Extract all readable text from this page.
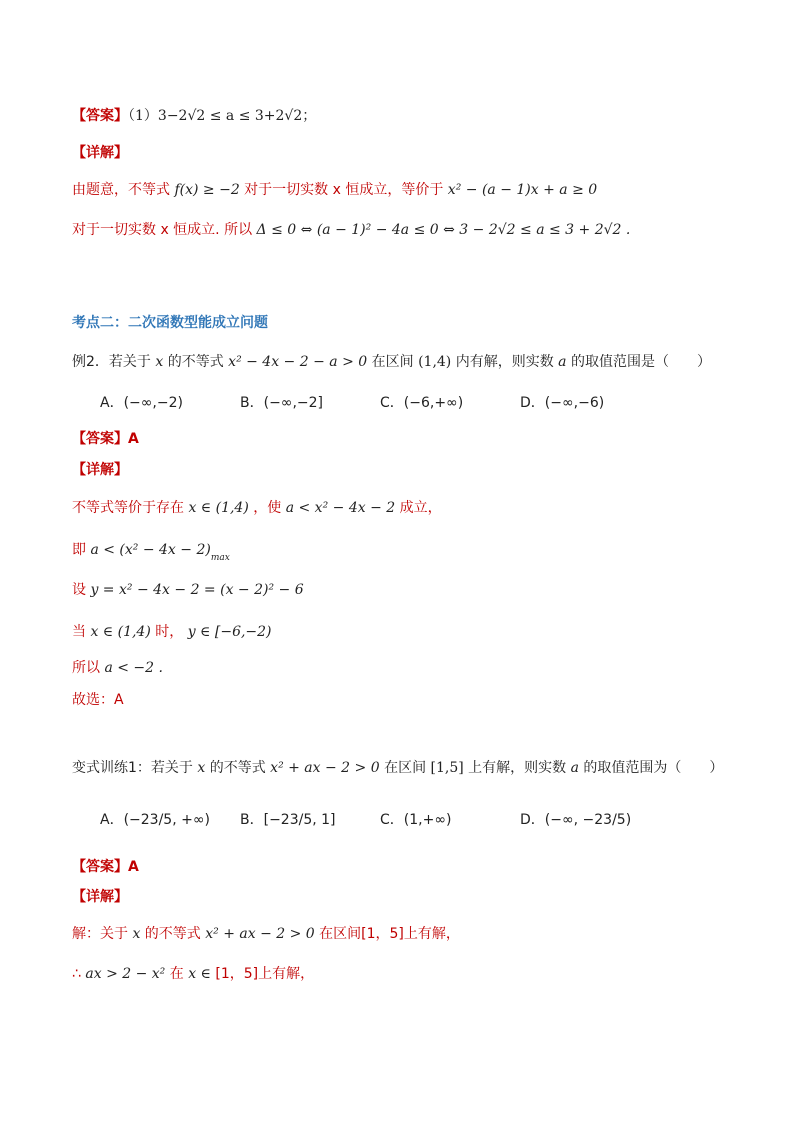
【答案】（1）3−2√2 ≤ a ≤ 3+2√2；
【详解】
由题意，不等式 f(x) ≥ −2 对于一切实数 x 恒成立，等价于 x² − (a − 1)x + a ≥ 0
对于一切实数 x 恒成立. 所以 Δ ≤ 0 ⇔ (a − 1)² − 4a ≤ 0 ⇔ 3 − 2√2 ≤ a ≤ 3 + 2√2 .
考点二：二次函数型能成立问题
例2．若关于 x 的不等式 x² − 4x − 2 − a > 0 在区间 (1,4) 内有解，则实数 a 的取值范围是（　　）
A．(−∞,−2)	B．(−∞,−2]	C．(−6,+∞)	D．(−∞,−6)
【答案】A
【详解】
不等式等价于存在 x ∈ (1,4) ，使 a < x² − 4x − 2 成立，
即 $a < (x^2 - 4x - 2)_{max}$
设 y = x² − 4x − 2 = (x − 2)² − 6
当 x ∈ (1,4) 时， y ∈ [−6,−2)
所以 a < −2 .
故选：A
变式训练1：若关于 x 的不等式 x² + ax − 2 > 0 在区间 [1,5] 上有解，则实数 a 的取值范围为（　　）
A．(−23/5, +∞) B．[−23/5, 1]	C．(1,+∞)	D．(−∞, −23/5)
【答案】A
【详解】
解：关于 x 的不等式 x² + ax − 2 > 0 在区间[1，5]上有解，
∴ ax > 2 − x² 在 x ∈ [1，5]上有解，
